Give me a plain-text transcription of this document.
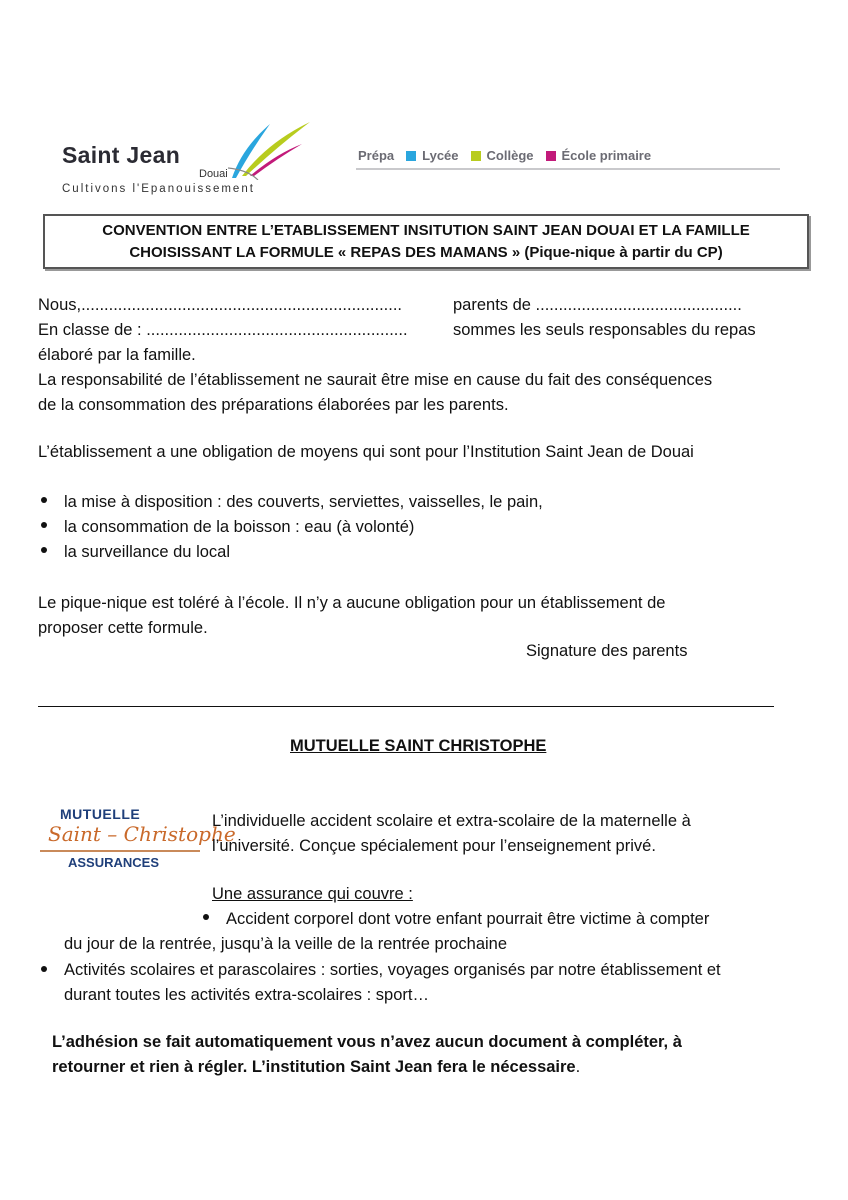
Saint Jean
Douai
Cultivons l'Epanouissement
Prépa Lycée Collège École primaire
CONVENTION ENTRE L’ETABLISSEMENT INSITUTION SAINT JEAN DOUAI ET LA FAMILLE
CHOISISSANT LA FORMULE « REPAS DES MAMANS » (Pique-nique à partir du CP)
Nous,......................................................................	parents de .............................................
En classe de : .........................................................	sommes les seuls responsables du repas
élaboré par la famille.
La responsabilité de l’établissement ne saurait être mise en cause du fait des conséquences
de la consommation des préparations élaborées par les parents.
L’établissement a une obligation de moyens qui sont pour l’Institution Saint Jean de Douai
la mise à disposition : des couverts, serviettes, vaisselles, le pain,
la consommation de la boisson : eau (à volonté)
la surveillance du local
Le pique-nique est toléré à l’école. Il n’y a aucune obligation pour un établissement de
proposer cette formule.
Signature des parents
MUTUELLE SAINT CHRISTOPHE
MUTUELLE
Saint – Christophe
ASSURANCES
L’individuelle accident scolaire et extra-scolaire de la maternelle à
l’université. Conçue spécialement pour l’enseignement privé.
Une assurance qui couvre :
Accident corporel dont votre enfant pourrait être victime à compter
du jour de la rentrée, jusqu’à la veille de la rentrée prochaine
Activités scolaires et parascolaires : sorties, voyages organisés par notre établissement et
durant toutes les activités extra-scolaires : sport…
L’adhésion se fait automatiquement vous n’avez aucun document à compléter, à
retourner et rien à régler. L’institution Saint Jean fera le nécessaire.
